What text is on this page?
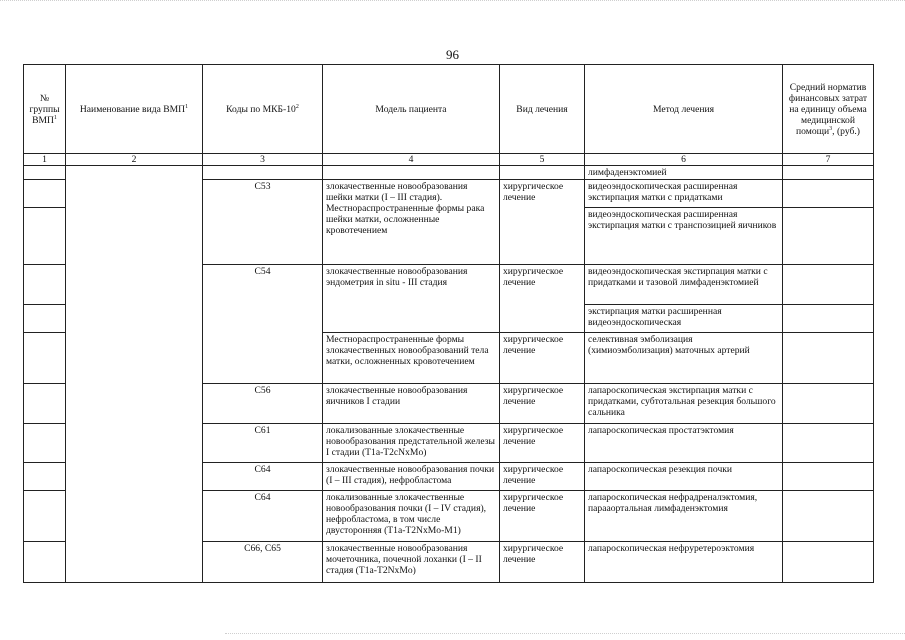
96
№ группы ВМП$^1$	Наименование вида ВМП$^1$	Коды по МКБ-$10^2$	Модель пациента	Вид лечения	Метод лечения	Средний норматив финансовых затрат на единицу объема медицинской помощи$^3$, (руб.)
1	2	3	4	5	6	7
					лимфаденэктомией	
		C53	злокачественные новообразования шейки матки (I – III стадия). Местнораспространенные формы рака шейки матки, осложненные кровотечением	хирургическое лечение	видеоэндоскопическая расширенная экстирпация матки с придатками	
					видеоэндоскопическая расширенная экстирпация матки с транспозицией яичников	
		C54	злокачественные новообразования эндометрия in situ - III стадия	хирургическое лечение	видеоэндоскопическая экстирпация матки с придатками и тазовой лимфаденэктомией	
					экстирпация матки расширенная видеоэндоскопическая	
			Местнораспространенные формы злокачественных новообразований тела матки, осложненных кровотечением	хирургическое лечение	селективная эмболизация (химиоэмболизация) маточных артерий	
		C56	злокачественные новообразования яичников I стадии	хирургическое лечение	лапароскопическая экстирпация матки с придатками, субтотальная резекция большого сальника	
		C61	локализованные злокачественные новообразования предстательной железы I стадии (T1a-T2cNxMo)	хирургическое лечение	лапароскопическая простатэктомия	
		C64	злокачественные новообразования почки (I – III стадия), нефробластома	хирургическое лечение	лапароскопическая резекция почки	
		C64	локализованные злокачественные новообразования почки (I – IV стадия), нефробластома, в том числе двусторонняя (T1a-T2NxMo-M1)	хирургическое лечение	лапароскопическая нефрадреналэктомия, парааортальная лимфаденэктомия	
		C66, C65	злокачественные новообразования мочеточника, почечной лоханки (I – II стадия (T1a-T2NxMo)	хирургическое лечение	лапароскопическая нефруретероэктомия	
